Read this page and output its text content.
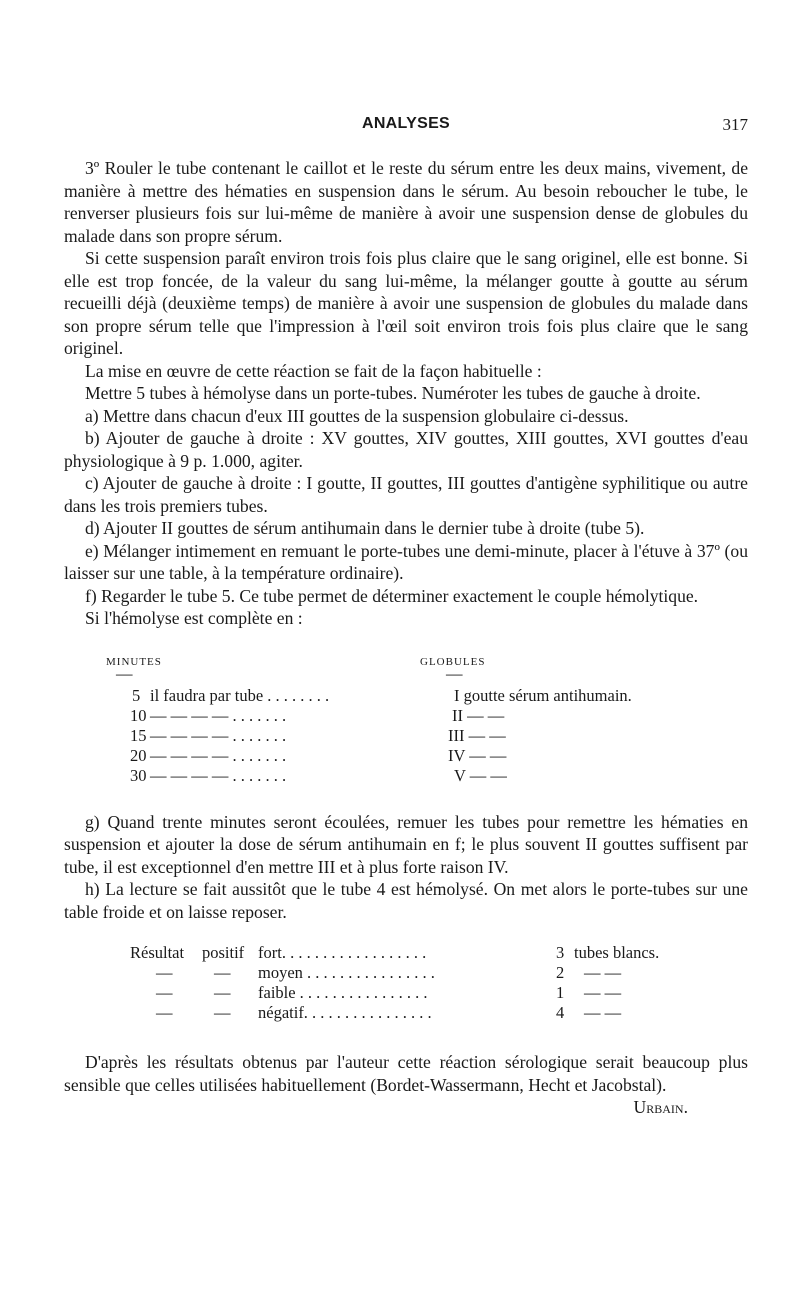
ANALYSES	317

3º Rouler le tube contenant le caillot et le reste du sérum entre les deux mains, vivement, de manière à mettre des hématies en suspension dans le sérum. Au besoin reboucher le tube, le renverser plusieurs fois sur lui-même de manière à avoir une suspension dense de globules du malade dans son propre sérum.

Si cette suspension paraît environ trois fois plus claire que le sang originel, elle est bonne. Si elle est trop foncée, de la valeur du sang lui-même, la mélanger goutte à goutte au sérum recueilli déjà (deuxième temps) de manière à avoir une suspension de globules du malade dans son propre sérum telle que l'impression à l'œil soit environ trois fois plus claire que le sang originel.

La mise en œuvre de cette réaction se fait de la façon habituelle :

Mettre 5 tubes à hémolyse dans un porte-tubes. Numéroter les tubes de gauche à droite.

a) Mettre dans chacun d'eux III gouttes de la suspension globulaire ci-dessus.

b) Ajouter de gauche à droite : XV gouttes, XIV gouttes, XIII gouttes, XVI gouttes d'eau physiologique à 9 p. 1.000, agiter.

c) Ajouter de gauche à droite : I goutte, II gouttes, III gouttes d'antigène syphilitique ou autre dans les trois premiers tubes.

d) Ajouter II gouttes de sérum antihumain dans le dernier tube à droite (tube 5).

e) Mélanger intimement en remuant le porte-tubes une demi-minute, placer à l'étuve à 37º (ou laisser sur une table, à la température ordinaire).

f) Regarder le tube 5. Ce tube permet de déterminer exactement le couple hémolytique.

Si l'hémolyse est complète en :

MINUTES	GLOBULES
—	—
5 il faudra par tube . . . . . . . .	I goutte sérum antihumain.
10 — — — — . . . . . . .	II — —
15 — — — — . . . . . . .	III — —
20 — — — — . . . . . . .	IV — —
30 — — — — . . . . . . .	V — —

g) Quand trente minutes seront écoulées, remuer les tubes pour remettre les hématies en suspension et ajouter la dose de sérum antihumain en f; le plus souvent II gouttes suffisent par tube, il est exceptionnel d'en mettre III et à plus forte raison IV.

h) La lecture se fait aussitôt que le tube 4 est hémolysé. On met alors le porte-tubes sur une table froide et on laisse reposer.

Résultat positif fort. . . . . . . . . . . . . . . . . .	3 tubes blancs.
—	— moyen . . . . . . . . . . . . . . . .	2 — —
—	— faible . . . . . . . . . . . . . . . .	1 — —
—	— négatif. . . . . . . . . . . . . . . .	4 — —

D'après les résultats obtenus par l'auteur cette réaction sérologique serait beaucoup plus sensible que celles utilisées habituellement (Bordet-Wassermann, Hecht et Jacobstal).
Urbain.
